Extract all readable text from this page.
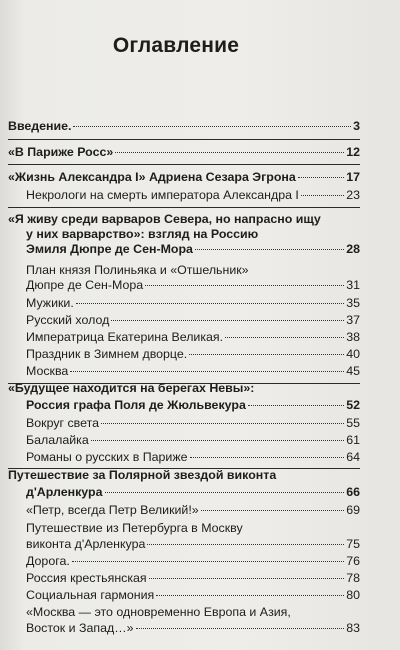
Оглавление
Введение.	3
«В Париже Росс»	12
«Жизнь Александра I» Адриена Сезара Эгрона	17
Некрологи на смерть императора Александра I	23
«Я живу среди варваров Севера, но напрасно ищу
у них варварство»: взгляд на Россию
Эмиля Дюпре де Сен-Мора	28
План князя Полиньяка и «Отшельник»
Дюпре де Сен-Мора	31
Мужики.	35
Русский холод	37
Императрица Екатерина Великая.	38
Праздник в Зимнем дворце.	40
Москва	45
«Будущее находится на берегах Невы»:
Россия графа Поля де Жюльвекура	52
Вокруг света	55
Балалайка	61
Романы о русских в Париже	64
Путешествие за Полярной звездой виконта
д'Арленкура	66
«Петр, всегда Петр Великий!»	69
Путешествие из Петербурга в Москву
виконта д'Арленкура	75
Дорога.	76
Россия крестьянская	78
Социальная гармония	80
«Москва — это одновременно Европа и Азия,
Восток и Запад…»	83
